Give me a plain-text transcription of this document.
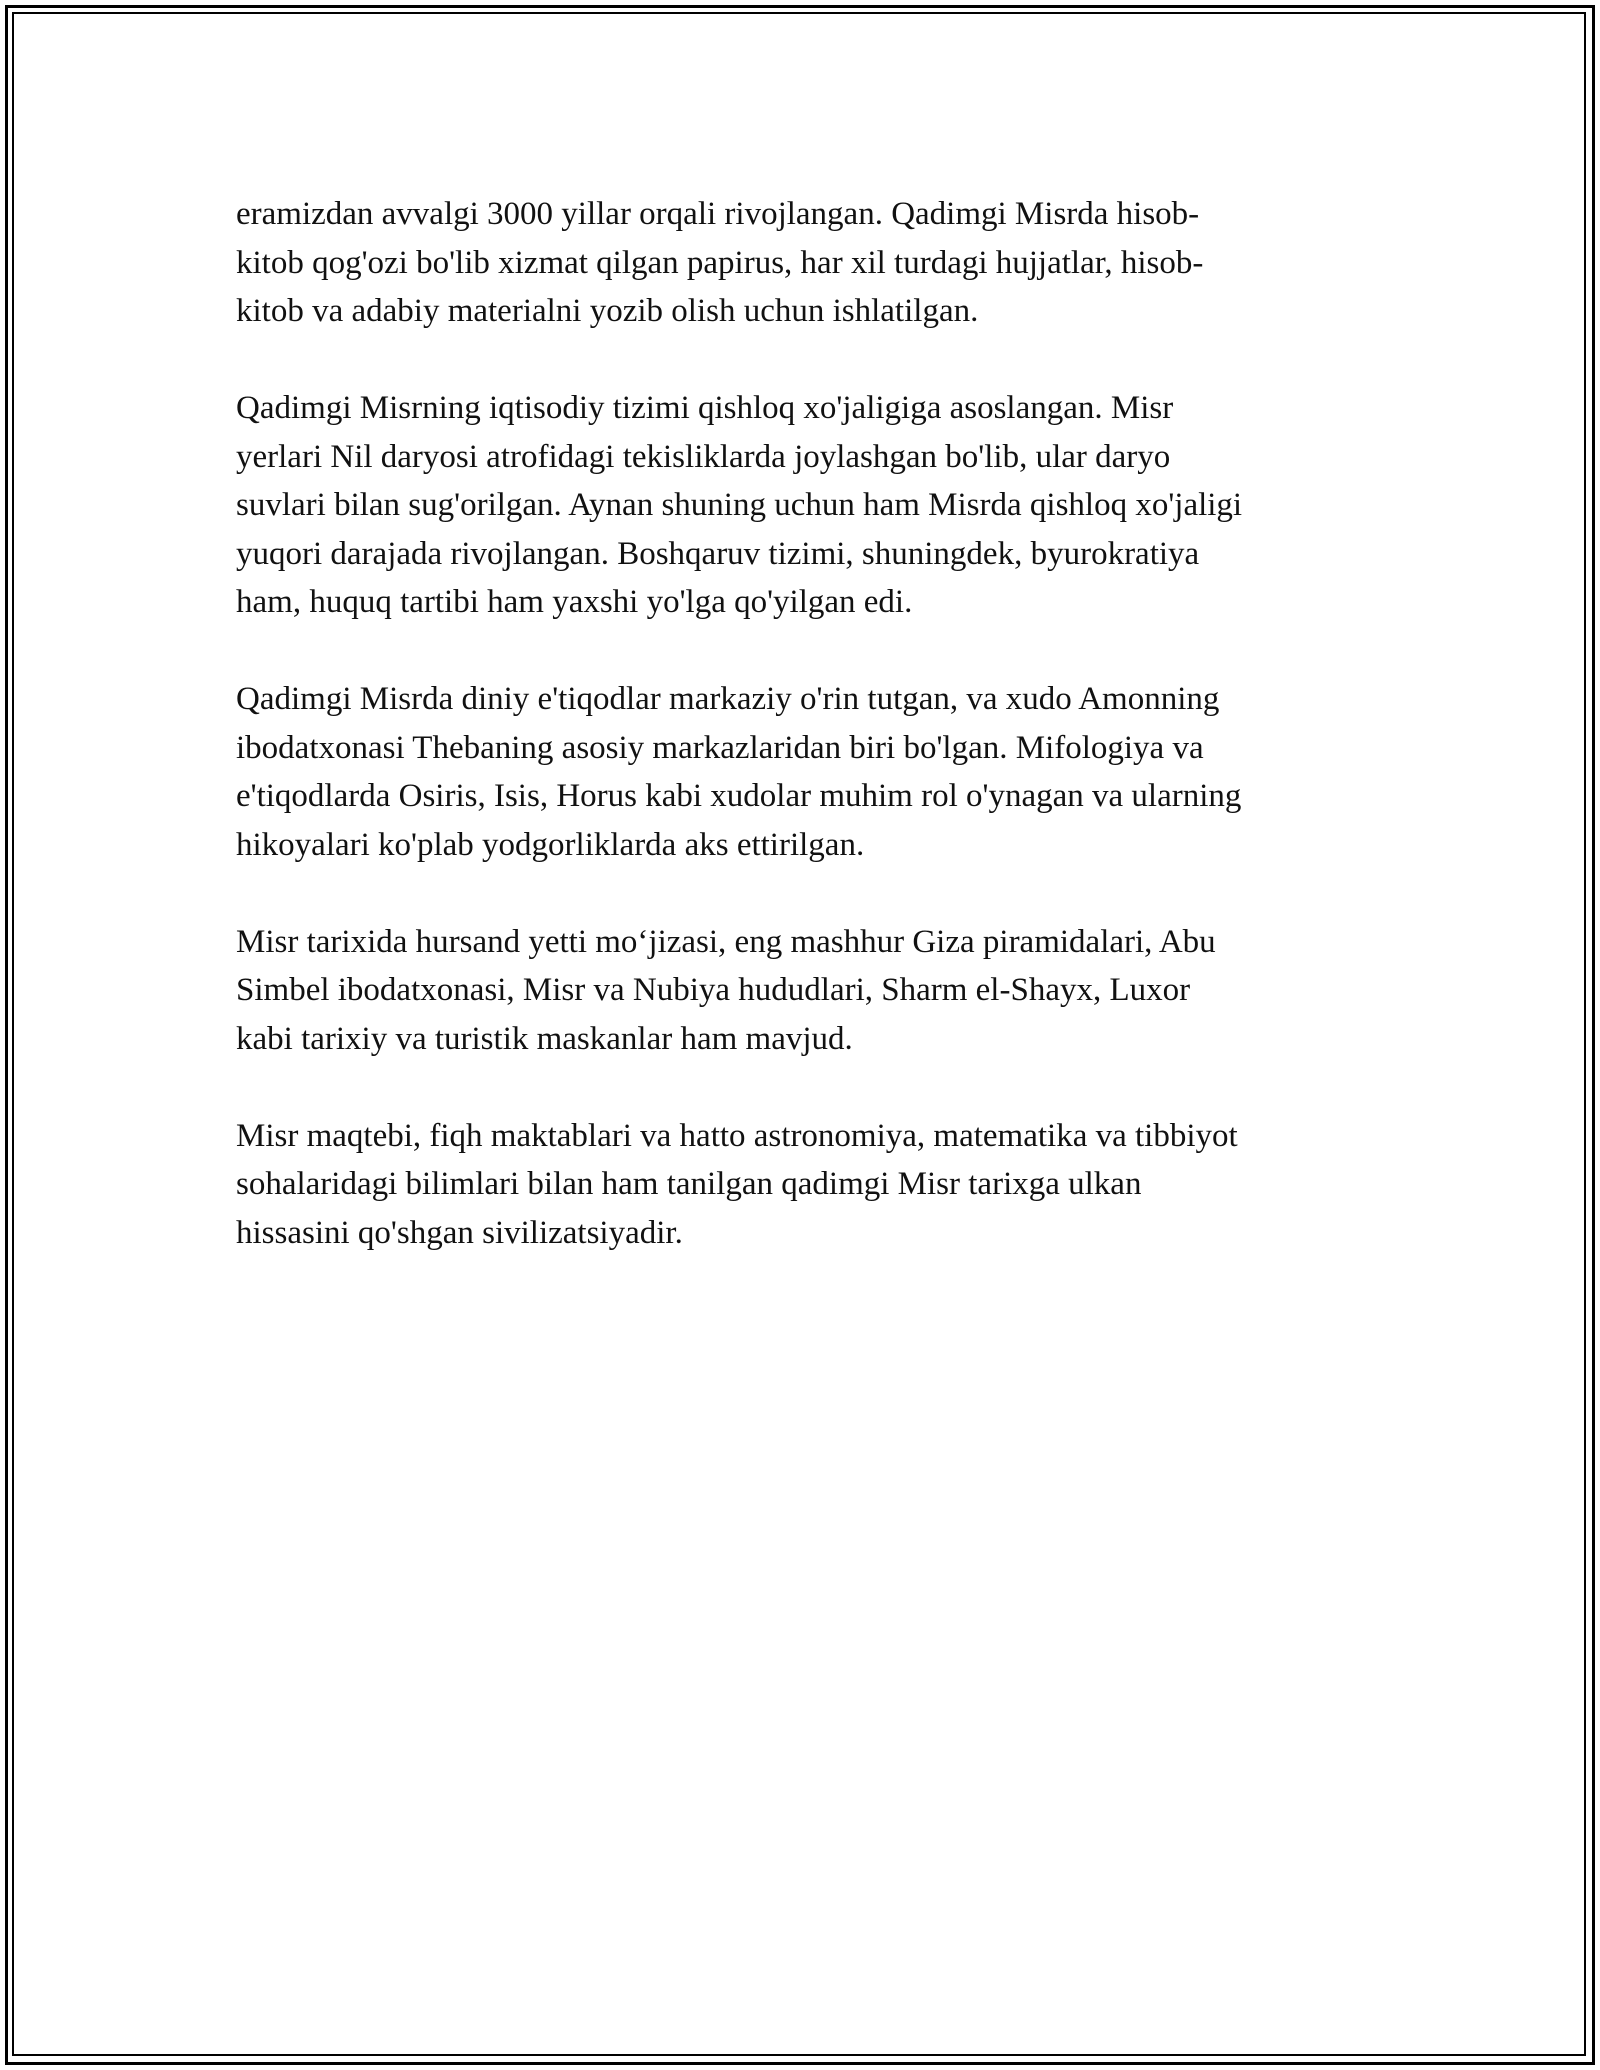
eramizdan avvalgi 3000 yillar orqali rivojlangan. Qadimgi Misrda hisob-
kitob qog'ozi bo'lib xizmat qilgan papirus, har xil turdagi hujjatlar, hisob-
kitob va adabiy materialni yozib olish uchun ishlatilgan.

Qadimgi Misrning iqtisodiy tizimi qishloq xo'jaligiga asoslangan. Misr
yerlari Nil daryosi atrofidagi tekisliklarda joylashgan bo'lib, ular daryo
suvlari bilan sug'orilgan. Aynan shuning uchun ham Misrda qishloq xo'jaligi
yuqori darajada rivojlangan. Boshqaruv tizimi, shuningdek, byurokratiya
ham, huquq tartibi ham yaxshi yo'lga qo'yilgan edi.

Qadimgi Misrda diniy e'tiqodlar markaziy o'rin tutgan, va xudo Amonning
ibodatxonasi Thebaning asosiy markazlaridan biri bo'lgan. Mifologiya va
e'tiqodlarda Osiris, Isis, Horus kabi xudolar muhim rol o'ynagan va ularning
hikoyalari ko'plab yodgorliklarda aks ettirilgan.

Misr tarixida hursand yetti mo‘jizasi, eng mashhur Giza piramidalari, Abu
Simbel ibodatxonasi, Misr va Nubiya hududlari, Sharm el-Shayx, Luxor
kabi tarixiy va turistik maskanlar ham mavjud.

Misr maqtebi, fiqh maktablari va hatto astronomiya, matematika va tibbiyot
sohalaridagi bilimlari bilan ham tanilgan qadimgi Misr tarixga ulkan
hissasini qo'shgan sivilizatsiyadir.
